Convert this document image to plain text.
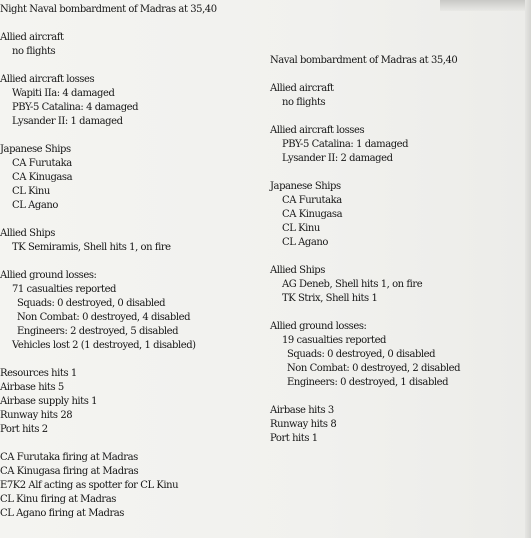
Night Naval bombardment of Madras at 35,40
Allied aircraft
no flights
Allied aircraft losses
Wapiti IIa: 4 damaged
PBY-5 Catalina: 4 damaged
Lysander II: 1 damaged
Japanese Ships
CA Furutaka
CA Kinugasa
CL Kinu
CL Agano
Allied Ships
TK Semiramis, Shell hits 1, on fire
Allied ground losses:
71 casualties reported
Squads: 0 destroyed, 0 disabled
Non Combat: 0 destroyed, 4 disabled
Engineers: 2 destroyed, 5 disabled
Vehicles lost 2 (1 destroyed, 1 disabled)
Resources hits 1
Airbase hits 5
Airbase supply hits 1
Runway hits 28
Port hits 2
CA Furutaka firing at Madras
CA Kinugasa firing at Madras
E7K2 Alf acting as spotter for CL Kinu
CL Kinu firing at Madras
CL Agano firing at Madras
Naval bombardment of Madras at 35,40
Allied aircraft
no flights
Allied aircraft losses
PBY-5 Catalina: 1 damaged
Lysander II: 2 damaged
Japanese Ships
CA Furutaka
CA Kinugasa
CL Kinu
CL Agano
Allied Ships
AG Deneb, Shell hits 1, on fire
TK Strix, Shell hits 1
Allied ground losses:
19 casualties reported
Squads: 0 destroyed, 0 disabled
Non Combat: 0 destroyed, 2 disabled
Engineers: 0 destroyed, 1 disabled
Airbase hits 3
Runway hits 8
Port hits 1
